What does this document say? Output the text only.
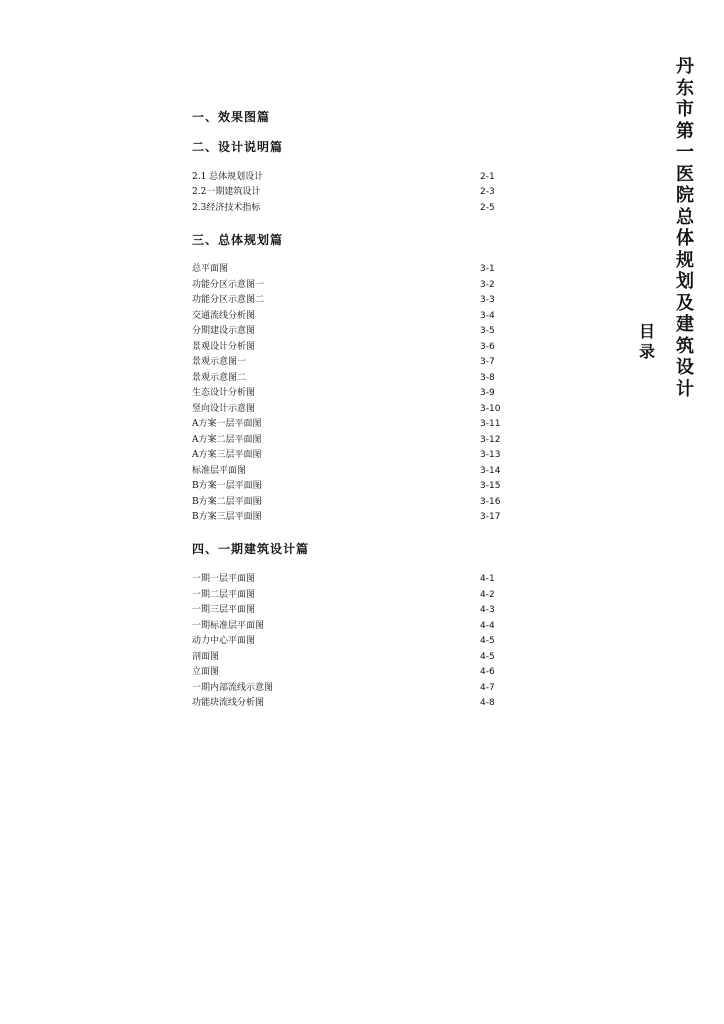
丹东市第一医院总体规划及建筑设计
目录
一、效果图篇
二、设计说明篇
2.1 总体规划设计	2-1
2.2一期建筑设计	2-3
2.3经济技术指标	2-5
三、总体规划篇
总平面图	3-1
功能分区示意图一	3-2
功能分区示意图二	3-3
交通流线分析图	3-4
分期建设示意图	3-5
景观设计分析图	3-6
景观示意图一	3-7
景观示意图二	3-8
生态设计分析图	3-9
竖向设计示意图	3-10
A方案一层平面图	3-11
A方案二层平面图	3-12
A方案三层平面图	3-13
标准层平面图	3-14
B方案一层平面图	3-15
B方案二层平面图	3-16
B方案三层平面图	3-17
四、一期建筑设计篇
一期一层平面图	4-1
一期二层平面图	4-2
一期三层平面图	4-3
一期标准层平面图	4-4
动力中心平面图	4-5
剖面图	4-5
立面图	4-6
一期内部流线示意图	4-7
功能块流线分析图	4-8
